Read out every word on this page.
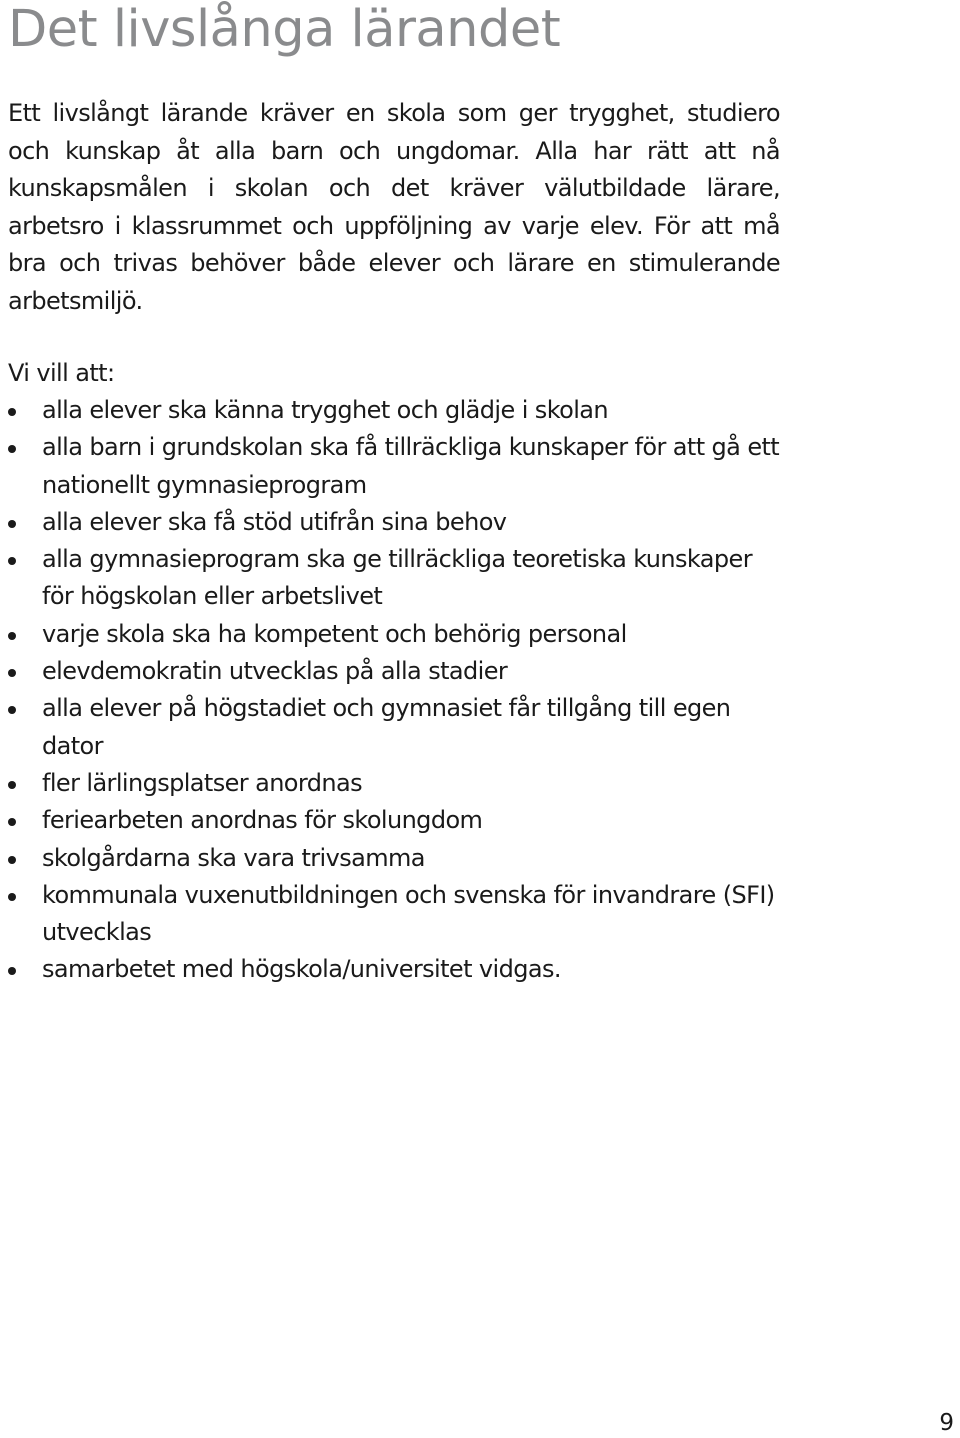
Det livslånga lärandet

Ett livslångt lärande kräver en skola som ger trygghet, studiero och kunskap åt alla barn och ungdomar. Alla har rätt att nå kunskapsmålen i skolan och det kräver välutbildade lärare, arbetsro i klassrummet och uppföljning av varje elev. För att må bra och trivas behöver både elever och lärare en stimulerande arbetsmiljö.

Vi vill att:

alla elever ska känna trygghet och glädje i skolan
alla barn i grundskolan ska få tillräckliga kunskaper för att gå ett nationellt gymnasieprogram
alla elever ska få stöd utifrån sina behov
alla gymnasieprogram ska ge tillräckliga teoretiska kunskaper för högskolan eller arbetslivet
varje skola ska ha kompetent och behörig personal
elevdemokratin utvecklas på alla stadier
alla elever på högstadiet och gymnasiet får tillgång till egen dator
fler lärlingsplatser anordnas
feriearbeten anordnas för skolungdom
skolgårdarna ska vara trivsamma
kommunala vuxenutbildningen och svenska för invandrare (SFI) utvecklas
samarbetet med högskola/universitet vidgas.
9
